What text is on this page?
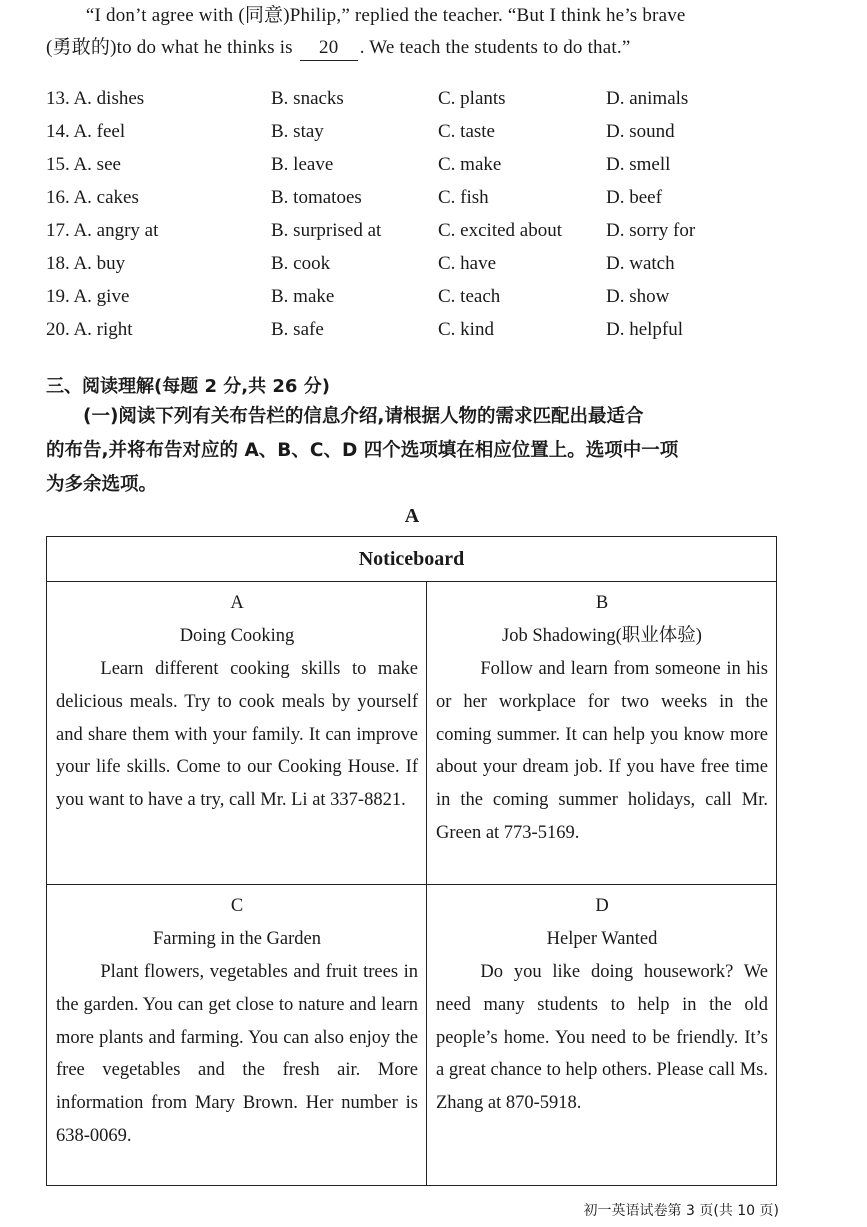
“I don’t agree with (同意)Philip,” replied the teacher. “But I think he’s brave
(勇敢的)to do what he thinks is 20 . We teach the students to do that.”
13. A. dishes	B. snacks	C. plants	D. animals
14. A. feel	B. stay	C. taste	D. sound
15. A. see	B. leave	C. make	D. smell
16. A. cakes	B. tomatoes	C. fish	D. beef
17. A. angry at	B. surprised at	C. excited about D. sorry for
18. A. buy	B. cook	C. have	D. watch
19. A. give	B. make	C. teach	D. show
20. A. right	B. safe	C. kind	D. helpful
三、阅读理解(每题 2 分,共 26 分)
(一)阅读下列有关布告栏的信息介绍,请根据人物的需求匹配出最适合
的布告,并将布告对应的 A、B、C、D 四个选项填在相应位置上。选项中一项
为多余选项。
A
Noticeboard
A
Doing Cooking
Learn different cooking skills to make delicious meals. Try to cook meals by yourself and share them with your family. It can improve your life skills. Come to our Cooking House. If you want to have a try, call Mr. Li at 337-8821.
B
Job Shadowing(职业体验)
Follow and learn from someone in his or her workplace for two weeks in the coming summer. It can help you know more about your dream job. If you have free time in the coming summer holidays, call Mr. Green at 773-5169.
C
Farming in the Garden
Plant flowers, vegetables and fruit trees in the garden. You can get close to nature and learn more plants and farming. You can also enjoy the free vegetables and the fresh air. More information from Mary Brown. Her number is 638-0069.
D
Helper Wanted
Do you like doing housework? We need many students to help in the old people’s home. You need to be friendly. It’s a great chance to help others. Please call Ms. Zhang at 870-5918.
初一英语试卷第 3 页(共 10 页)
